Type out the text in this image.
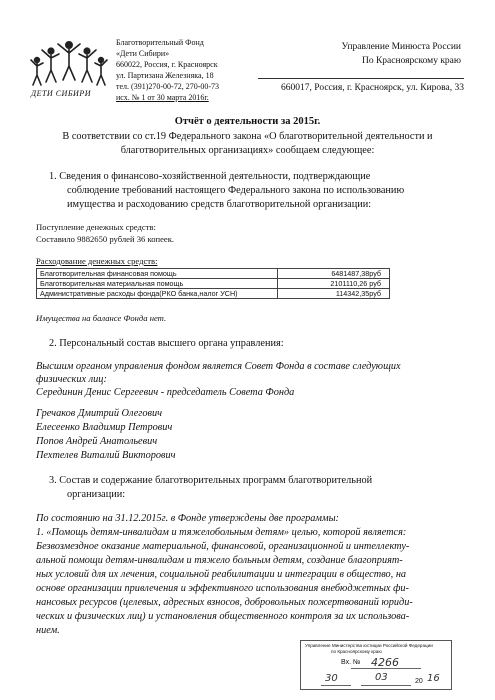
ДЕТИ СИБИРИ
Благотворительный Фонд
«Дети Сибири»
660022, Россия, г. Красноярск
ул. Партизана Железняка, 18
тел. (391)270-00-72, 270-00-73
исх. № 1 от 30 марта 2016г.
Управление Минюста России
По Красноярскому краю
660017, Россия, г. Красноярск, ул. Кирова, 33
Отчёт о деятельности за 2015г.
В соответствии со ст.19 Федерального закона «О благотворительной деятельности и
благотворительных организациях» сообщаем следующее:
1. Сведения о финансово-хозяйственной деятельности, подтверждающие
соблюдение требований настоящего Федерального закона по использованию
имущества и расходованию средств благотворительной организации:
Поступление денежных средств:
Составило 9882650 рублей 36 копеек.
Расходование денежных средств:
Благотворительная финансовая помощь	6481487,38руб
Благотворительная материальная помощь	2101110,26 руб
Административные расходы фонда(РКО банка,налог УСН)	114342,35руб
Имущества на балансе Фонда нет.
2. Персональный состав высшего органа управления:
Высшим органом управления фондом является Совет Фонда в составе следующих
физических лиц:
Серединин Денис Сергеевич - председатель Совета Фонда
Гречаков Дмитрий Олегович
Елесеенко Владимир Петрович
Попов Андрей Анатольевич
Пехтелев Виталий Викторович
3. Состав и содержание благотворительных программ благотворительной
организации:
По состоянию на 31.12.2015г. в Фонде утверждены две программы:
1. «Помощь детям-инвалидам и тяжелобольным детям» целью, которой является:
Безвозмездное оказание материальной, финансовой, организационной и интеллекту-
альной помощи детям-инвалидам и тяжело больным детям, создание благоприят-
ных условий для их лечения, социальной реабилитации и интеграции в общество, на
основе организации привлечения и эффективного использования внебюджетных фи-
нансовых ресурсов (целевых, адресных взносов, добровольных пожертвований юриди-
ческих и физических лиц) и установления общественного контроля за их использова-
нием.
Управление Министерства юстиции Российской Федерации
по Красноярскому краю
Вх. № 4266
30	03	20 16
